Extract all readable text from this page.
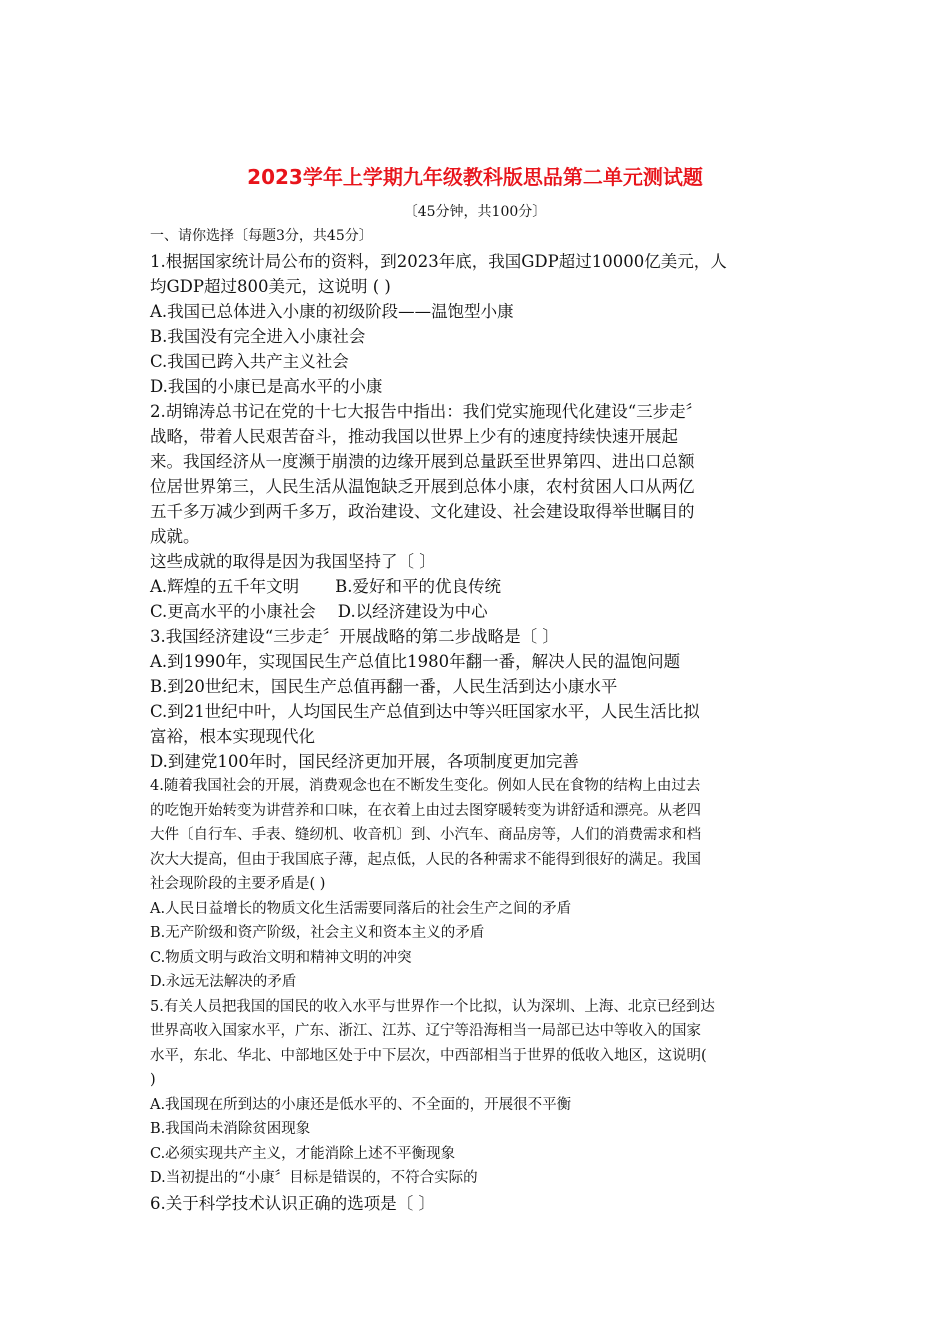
2023学年上学期九年级教科版思品第二单元测试题
〔45分钟，共100分〕
一、请你选择〔每题3分，共45分〕
1.根据国家统计局公布的资料，到2023年底，我国GDP超过10000亿美元，人
均GDP超过800美元，这说明 ( )
A.我国已总体进入小康的初级阶段——温饱型小康
B.我国没有完全进入小康社会
C.我国已跨入共产主义社会
D.我国的小康已是高水平的小康
2.胡锦涛总书记在党的十七大报告中指出：我们党实施现代化建设“三步走〞
战略，带着人民艰苦奋斗，推动我国以世界上少有的速度持续快速开展起
来。我国经济从一度濒于崩溃的边缘开展到总量跃至世界第四、进出口总额
位居世界第三，人民生活从温饱缺乏开展到总体小康，农村贫困人口从两亿
五千多万减少到两千多万，政治建设、文化建设、社会建设取得举世瞩目的
成就。
这些成就的取得是因为我国坚持了〔 〕
A.辉煌的五千年文明 B.爱好和平的优良传统
C.更高水平的小康社会 D.以经济建设为中心
3.我国经济建设“三步走〞开展战略的第二步战略是〔 〕
A.到1990年，实现国民生产总值比1980年翻一番，解决人民的温饱问题
B.到20世纪末，国民生产总值再翻一番，人民生活到达小康水平
C.到21世纪中叶，人均国民生产总值到达中等兴旺国家水平，人民生活比拟
富裕，根本实现现代化
D.到建党100年时，国民经济更加开展，各项制度更加完善
4.随着我国社会的开展，消费观念也在不断发生变化。例如人民在食物的结构上由过去
的吃饱开始转变为讲营养和口味，在衣着上由过去图穿暖转变为讲舒适和漂亮。从老四
大件〔自行车、手表、缝纫机、收音机〕到、小汽车、商品房等，人们的消费需求和档
次大大提高，但由于我国底子薄，起点低，人民的各种需求不能得到很好的满足。我国
社会现阶段的主要矛盾是( )
A.人民日益增长的物质文化生活需要同落后的社会生产之间的矛盾
B.无产阶级和资产阶级，社会主义和资本主义的矛盾
C.物质文明与政治文明和精神文明的冲突
D.永远无法解决的矛盾
5.有关人员把我国的国民的收入水平与世界作一个比拟，认为深圳、上海、北京已经到达
世界高收入国家水平，广东、浙江、江苏、辽宁等沿海相当一局部已达中等收入的国家
水平，东北、华北、中部地区处于中下层次，中西部相当于世界的低收入地区，这说明(
)
A.我国现在所到达的小康还是低水平的、不全面的，开展很不平衡
B.我国尚未消除贫困现象
C.必须实现共产主义，才能消除上述不平衡现象
D.当初提出的“小康〞目标是错误的，不符合实际的
6.关于科学技术认识正确的选项是〔 〕
